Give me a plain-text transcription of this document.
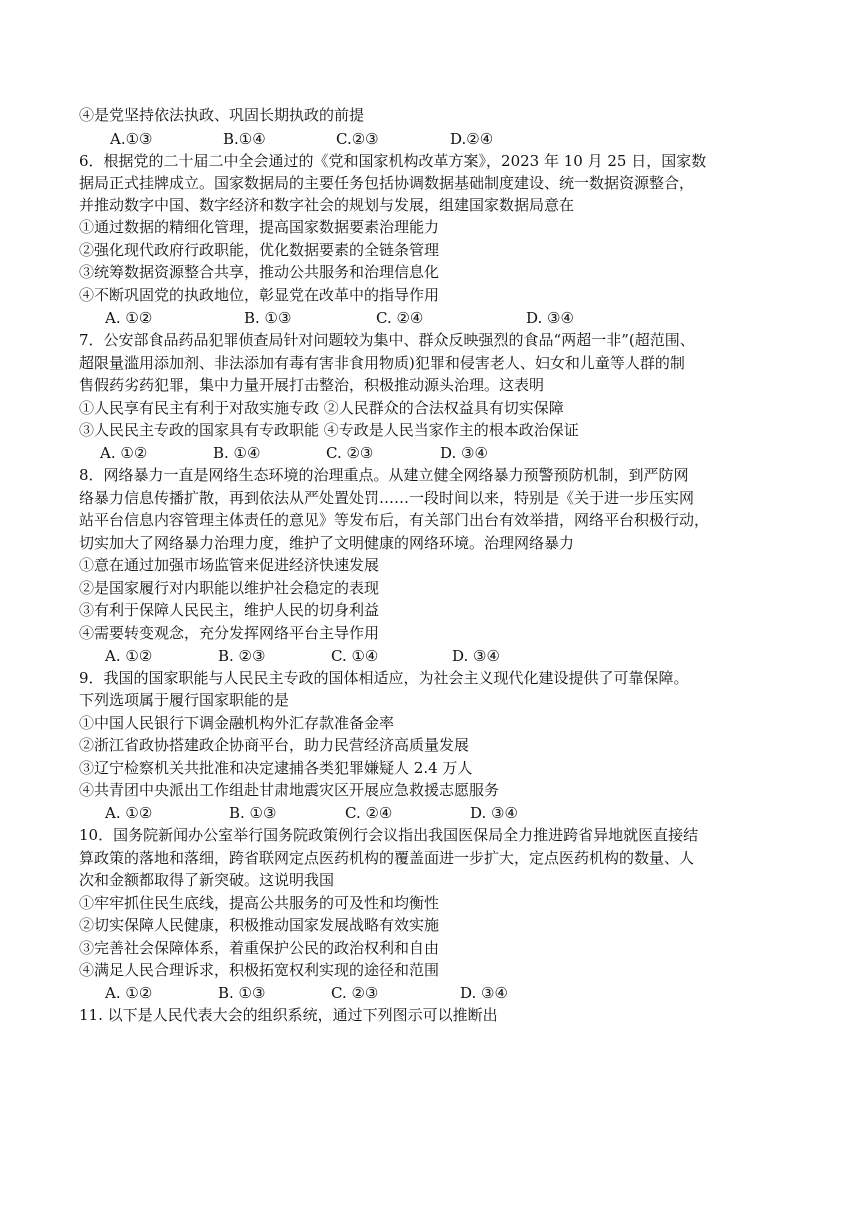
④是党坚持依法执政、巩固长期执政的前提
A.①③	B.①④	C.②③	D.②④
6．根据党的二十届二中全会通过的《党和国家机构改革方案》，2023 年 10 月 25 日，国家数
据局正式挂牌成立。国家数据局的主要任务包括协调数据基础制度建设、统一数据资源整合，
并推动数字中国、数字经济和数字社会的规划与发展，组建国家数据局意在
①通过数据的精细化管理，提高国家数据要素治理能力
②强化现代政府行政职能，优化数据要素的全链条管理
③统筹数据资源整合共享，推动公共服务和治理信息化
④不断巩固党的执政地位，彰显党在改革中的指导作用
A. ①②	B. ①③	C. ②④	D. ③④
7．公安部食品药品犯罪侦查局针对问题较为集中、群众反映强烈的食品“两超一非”(超范围、
超限量滥用添加剂、非法添加有毒有害非食用物质)犯罪和侵害老人、妇女和儿童等人群的制
售假药劣药犯罪，集中力量开展打击整治，积极推动源头治理。这表明
①人民享有民主有利于对敌实施专政 ②人民群众的合法权益具有切实保障
③人民民主专政的国家具有专政职能 ④专政是人民当家作主的根本政治保证
A. ①②	B. ①④	C. ②③	D. ③④
8．网络暴力一直是网络生态环境的治理重点。从建立健全网络暴力预警预防机制，到严防网
络暴力信息传播扩散，再到依法从严处置处罚……一段时间以来，特别是《关于进一步压实网
站平台信息内容管理主体责任的意见》等发布后，有关部门出台有效举措，网络平台积极行动，
切实加大了网络暴力治理力度，维护了文明健康的网络环境。治理网络暴力
①意在通过加强市场监管来促进经济快速发展
②是国家履行对内职能以维护社会稳定的表现
③有利于保障人民民主，维护人民的切身利益
④需要转变观念，充分发挥网络平台主导作用
A. ①②	B. ②③	C. ①④	D. ③④
9．我国的国家职能与人民民主专政的国体相适应，为社会主义现代化建设提供了可靠保障。
下列选项属于履行国家职能的是
①中国人民银行下调金融机构外汇存款准备金率
②浙江省政协搭建政企协商平台，助力民营经济高质量发展
③辽宁检察机关共批准和决定逮捕各类犯罪嫌疑人 2.4 万人
④共青团中央派出工作组赴甘肃地震灾区开展应急救援志愿服务
A. ①②	B. ①③	C. ②④	D. ③④
10．国务院新闻办公室举行国务院政策例行会议指出我国医保局全力推进跨省异地就医直接结
算政策的落地和落细，跨省联网定点医药机构的覆盖面进一步扩大，定点医药机构的数量、人
次和金额都取得了新突破。这说明我国
①牢牢抓住民生底线，提高公共服务的可及性和均衡性
②切实保障人民健康，积极推动国家发展战略有效实施
③完善社会保障体系，着重保护公民的政治权利和自由
④满足人民合理诉求，积极拓宽权利实现的途径和范围
A. ①②	B. ①③	C. ②③	D. ③④
11. 以下是人民代表大会的组织系统，通过下列图示可以推断出
